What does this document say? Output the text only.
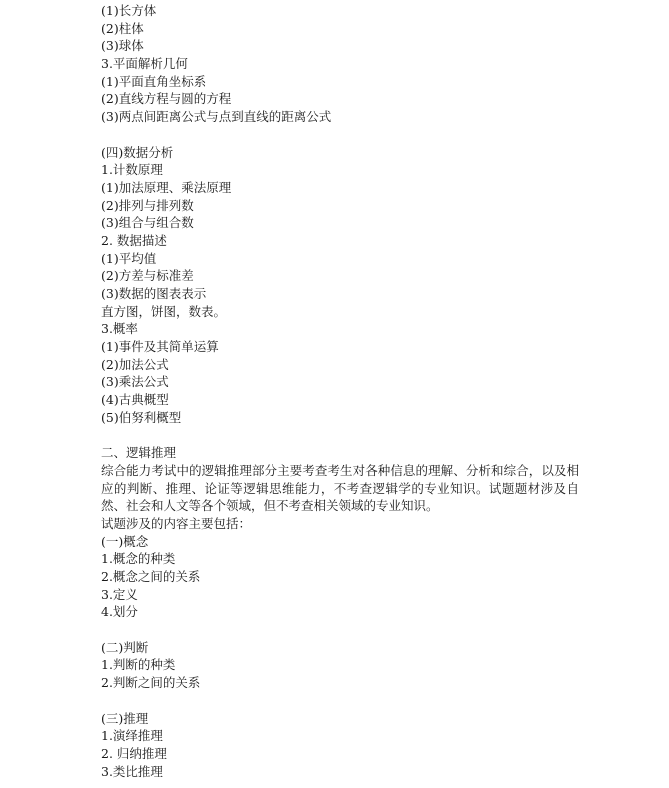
(1)长方体
(2)柱体
(3)球体
3.平面解析几何
(1)平面直角坐标系
(2)直线方程与圆的方程
(3)两点间距离公式与点到直线的距离公式
(四)数据分析
1.计数原理
(1)加法原理、乘法原理
(2)排列与排列数
(3)组合与组合数
2. 数据描述
(1)平均值
(2)方差与标准差
(3)数据的图表表示
直方图，饼图，数表。
3.概率
(1)事件及其简单运算
(2)加法公式
(3)乘法公式
(4)古典概型
(5)伯努利概型
二、逻辑推理
综合能力考试中的逻辑推理部分主要考查考生对各种信息的理解、分析和综合，以及相应的判断、推理、论证等逻辑思维能力，不考查逻辑学的专业知识。试题题材涉及自然、社会和人文等各个领域，但不考查相关领域的专业知识。
试题涉及的内容主要包括：
(一)概念
1.概念的种类
2.概念之间的关系
3.定义
4.划分
(二)判断
1.判断的种类
2.判断之间的关系
(三)推理
1.演绎推理
2. 归纳推理
3.类比推理
